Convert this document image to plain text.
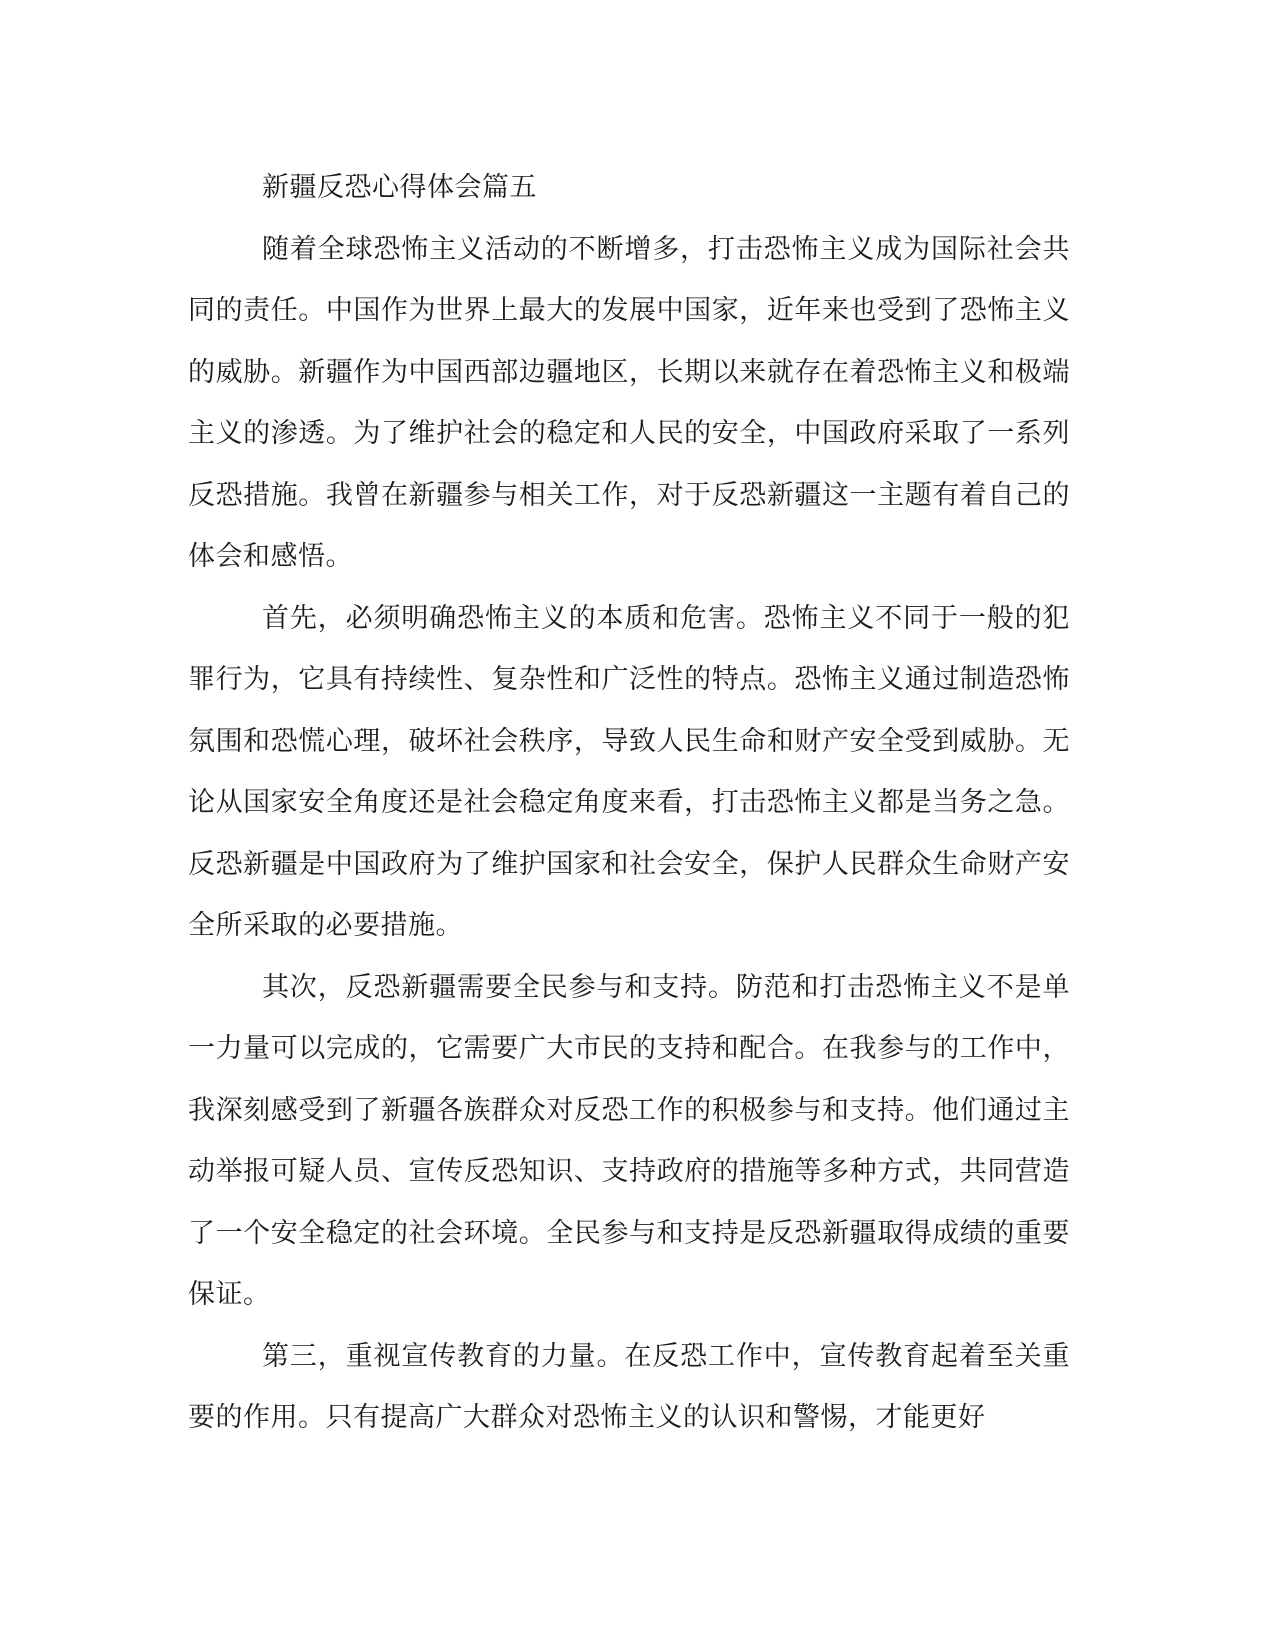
新疆反恐心得体会篇五

随着全球恐怖主义活动的不断增多，打击恐怖主义成为国际社会共同的责任。中国作为世界上最大的发展中国家，近年来也受到了恐怖主义的威胁。新疆作为中国西部边疆地区，长期以来就存在着恐怖主义和极端主义的渗透。为了维护社会的稳定和人民的安全，中国政府采取了一系列反恐措施。我曾在新疆参与相关工作，对于反恐新疆这一主题有着自己的体会和感悟。

首先，必须明确恐怖主义的本质和危害。恐怖主义不同于一般的犯罪行为，它具有持续性、复杂性和广泛性的特点。恐怖主义通过制造恐怖氛围和恐慌心理，破坏社会秩序，导致人民生命和财产安全受到威胁。无论从国家安全角度还是社会稳定角度来看，打击恐怖主义都是当务之急。反恐新疆是中国政府为了维护国家和社会安全，保护人民群众生命财产安全所采取的必要措施。

其次，反恐新疆需要全民参与和支持。防范和打击恐怖主义不是单一力量可以完成的，它需要广大市民的支持和配合。在我参与的工作中，我深刻感受到了新疆各族群众对反恐工作的积极参与和支持。他们通过主动举报可疑人员、宣传反恐知识、支持政府的措施等多种方式，共同营造了一个安全稳定的社会环境。全民参与和支持是反恐新疆取得成绩的重要保证。

第三，重视宣传教育的力量。在反恐工作中，宣传教育起着至关重要的作用。只有提高广大群众对恐怖主义的认识和警惕，才能更好
